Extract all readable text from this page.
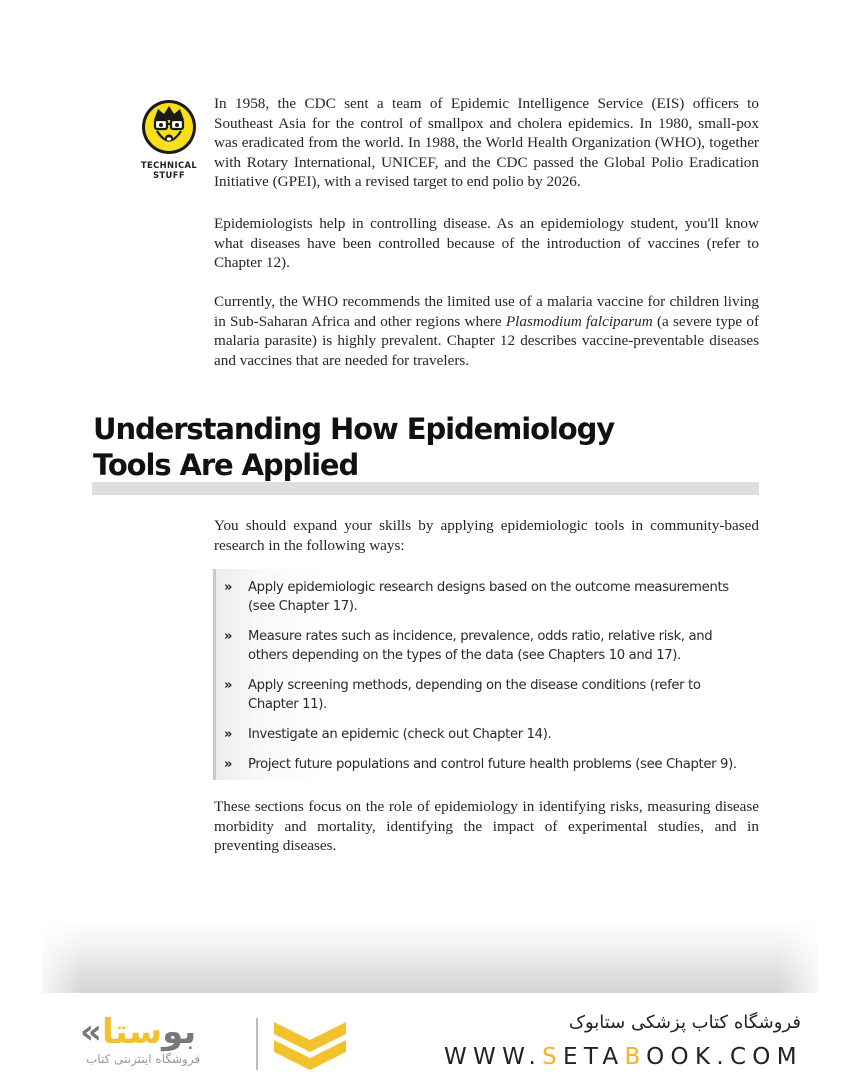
TECHNICAL
STUFF

In 1958, the CDC sent a team of Epidemic Intelligence Service (EIS) officers to Southeast Asia for the control of smallpox and cholera epidemics. In 1980, small-pox was eradicated from the world. In 1988, the World Health Organization (WHO), together with Rotary International, UNICEF, and the CDC passed the Global Polio Eradication Initiative (GPEI), with a revised target to end polio by 2026.

Epidemiologists help in controlling disease. As an epidemiology student, you'll know what diseases have been controlled because of the introduction of vaccines (refer to Chapter 12).

Currently, the WHO recommends the limited use of a malaria vaccine for children living in Sub-Saharan Africa and other regions where Plasmodium falciparum (a severe type of malaria parasite) is highly prevalent. Chapter 12 describes vaccine-preventable diseases and vaccines that are needed for travelers.

Understanding How Epidemiology
Tools Are Applied

You should expand your skills by applying epidemiologic tools in community-based research in the following ways:

»	Apply epidemiologic research designs based on the outcome measurements
(see Chapter 17).
»	Measure rates such as incidence, prevalence, odds ratio, relative risk, and
others depending on the types of the data (see Chapters 10 and 17).
»	Apply screening methods, depending on the disease conditions (refer to
Chapter 11).
»	Investigate an epidemic (check out Chapter 14).
»	Project future populations and control future health problems (see Chapter 9).

These sections focus on the role of epidemiology in identifying risks, measuring disease morbidity and mortality, identifying the impact of experimental studies, and in preventing diseases.

«بوستا
فروشگاه اینترنتی کتاب
فروشگاه کتاب پزشکی ستابوک
WWW.SETABOOK.COM
